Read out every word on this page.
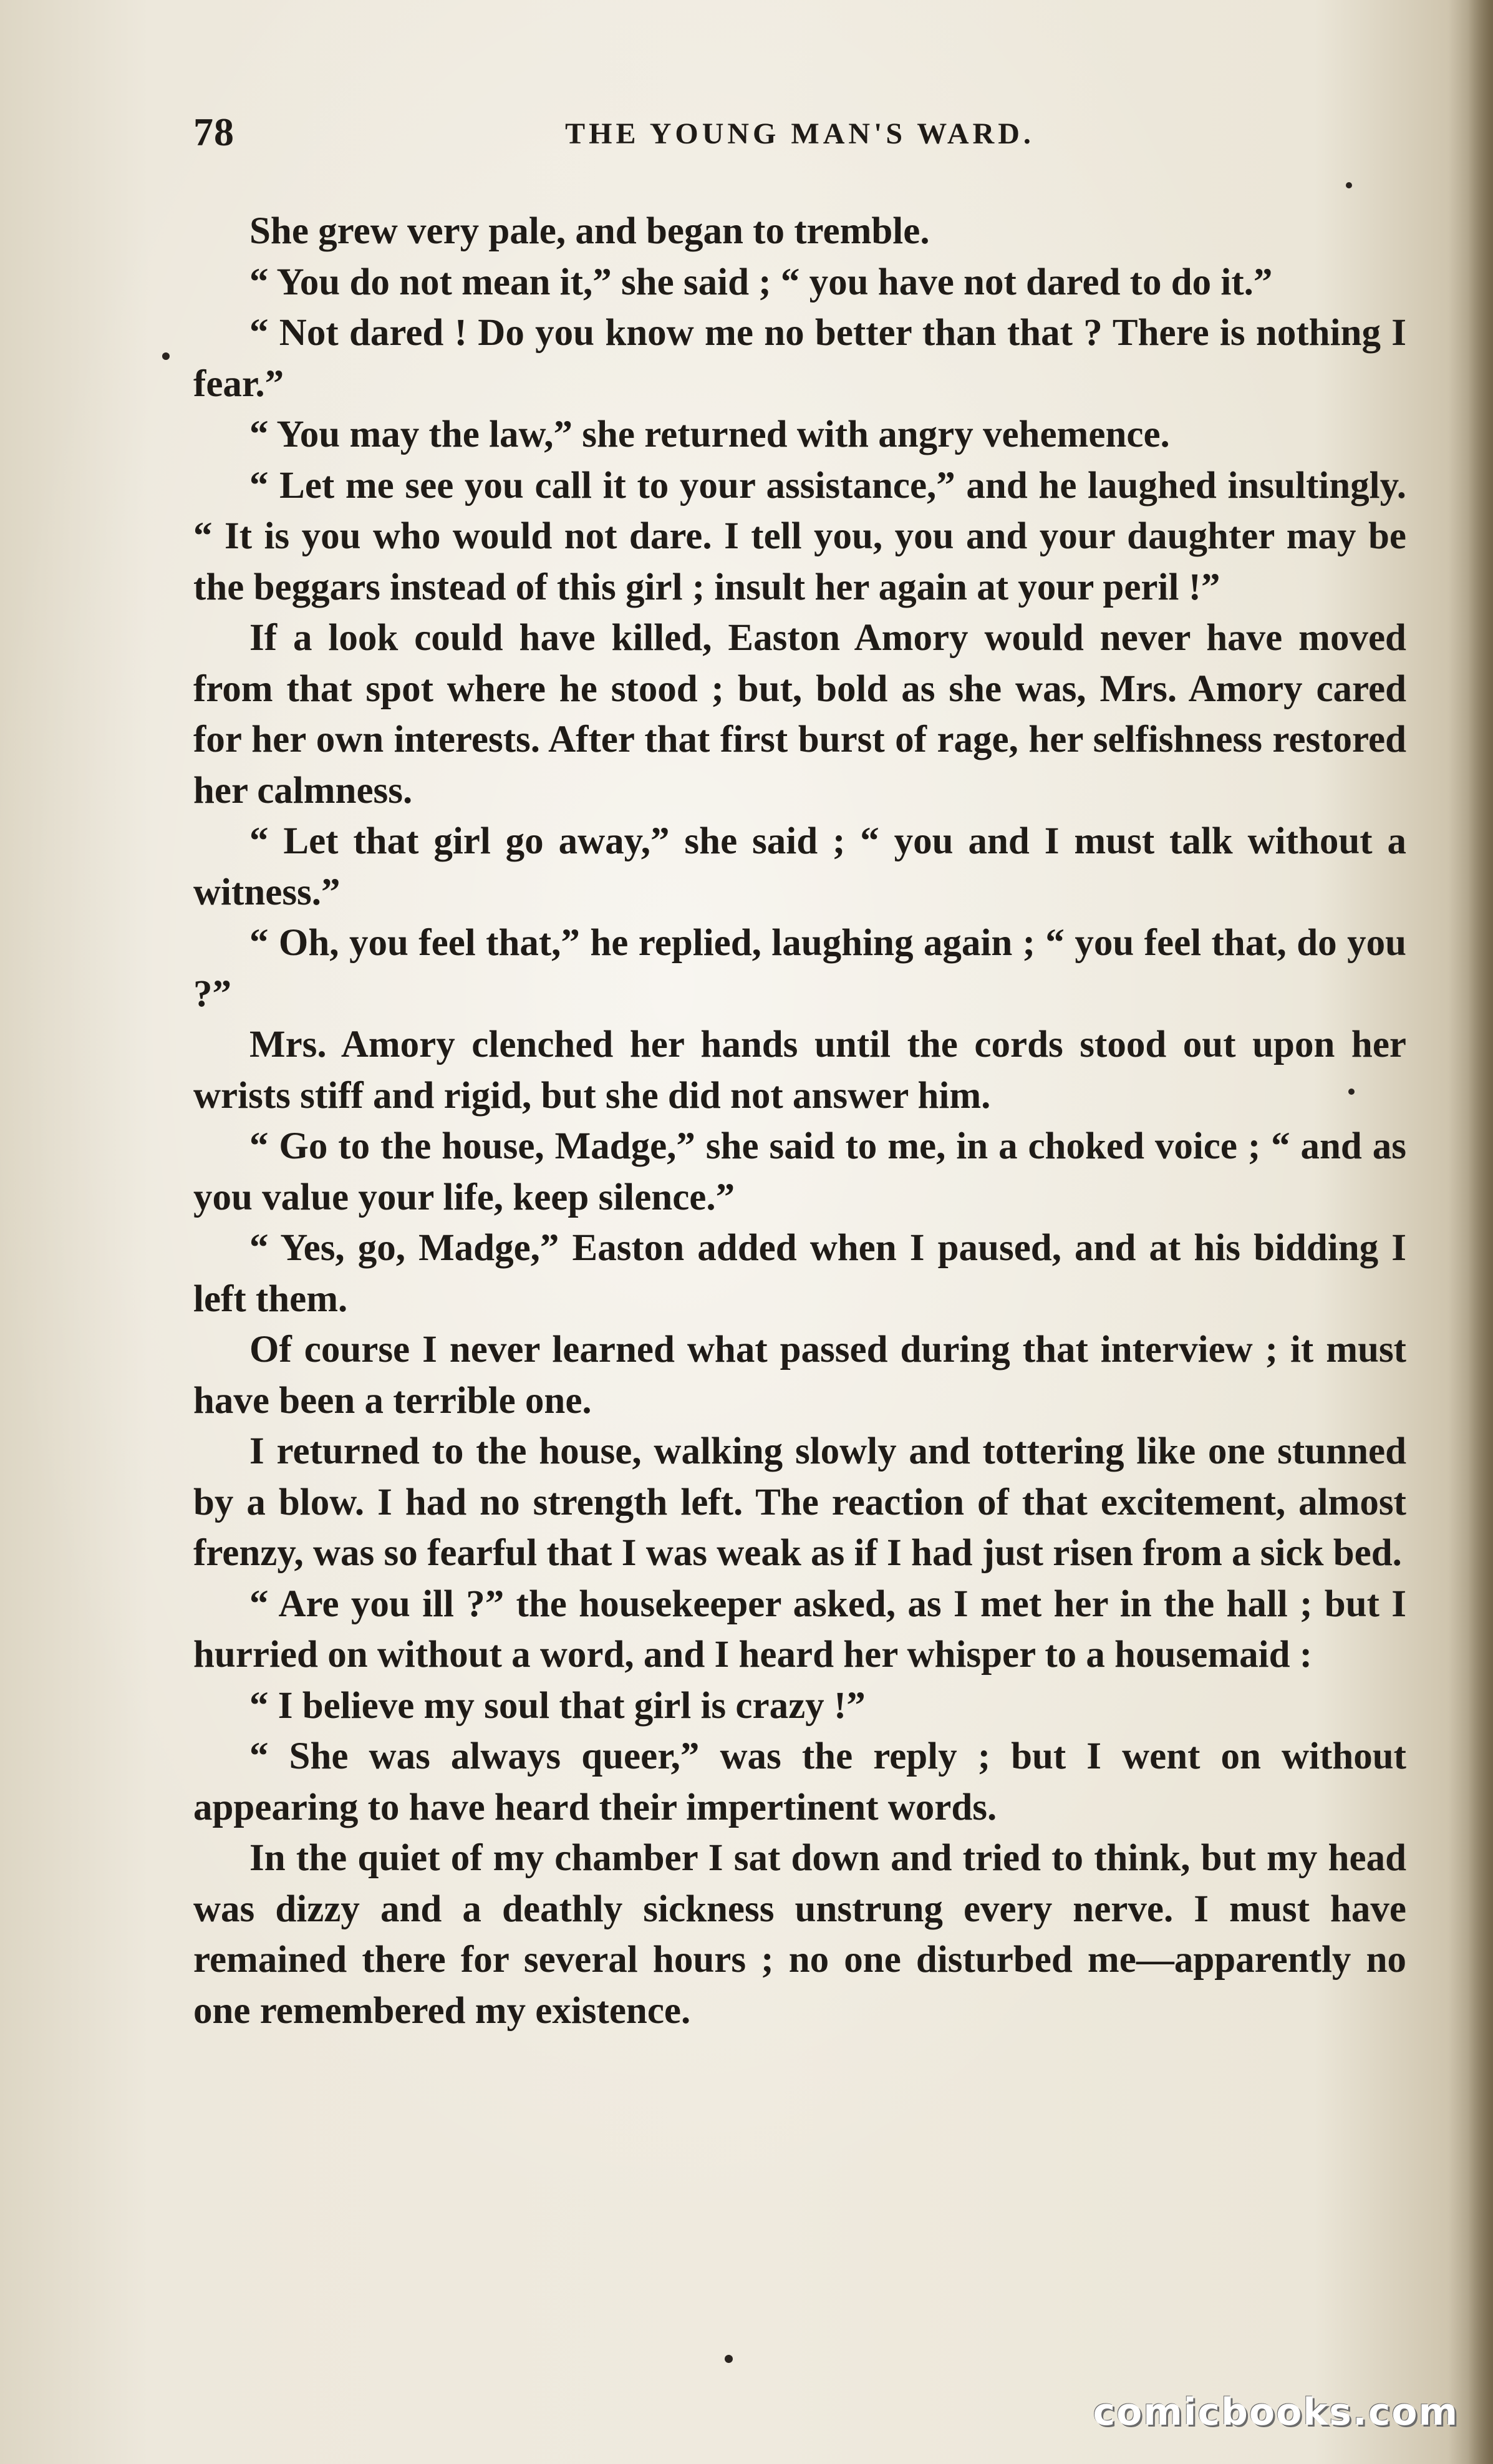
78	THE YOUNG MAN'S WARD.

She grew very pale, and began to tremble.

“ You do not mean it,” she said ; “ you have not dared to do it.”

“ Not dared ! Do you know me no better than that ? There is nothing I fear.”

“ You may the law,” she returned with angry vehemence.

“ Let me see you call it to your assistance,” and he laughed insultingly. “ It is you who would not dare. I tell you, you and your daughter may be the beggars instead of this girl ; insult her again at your peril !”

If a look could have killed, Easton Amory would never have moved from that spot where he stood ; but, bold as she was, Mrs. Amory cared for her own interests. After that first burst of rage, her selfishness restored her calmness.

“ Let that girl go away,” she said ; “ you and I must talk without a witness.”

“ Oh, you feel that,” he replied, laughing again ; “ you feel that, do you ?”

Mrs. Amory clenched her hands until the cords stood out upon her wrists stiff and rigid, but she did not answer him.

“ Go to the house, Madge,” she said to me, in a choked voice ; “ and as you value your life, keep silence.”

“ Yes, go, Madge,” Easton added when I paused, and at his bidding I left them.

Of course I never learned what passed during that interview ; it must have been a terrible one.

I returned to the house, walking slowly and tottering like one stunned by a blow. I had no strength left. The reaction of that excitement, almost frenzy, was so fearful that I was weak as if I had just risen from a sick bed.

“ Are you ill ?” the housekeeper asked, as I met her in the hall ; but I hurried on without a word, and I heard her whisper to a housemaid :

“ I believe my soul that girl is crazy !”

“ She was always queer,” was the reply ; but I went on without appearing to have heard their impertinent words.

In the quiet of my chamber I sat down and tried to think, but my head was dizzy and a deathly sickness unstrung every nerve. I must have remained there for several hours ; no one disturbed me—apparently no one remembered my existence.

comicbooks.com
